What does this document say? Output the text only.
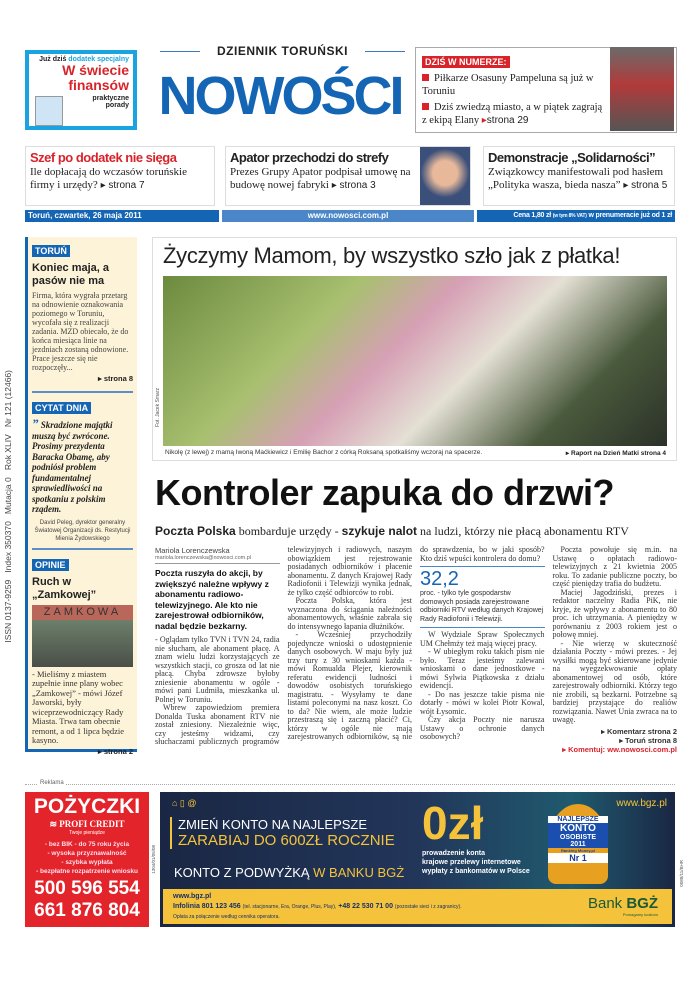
Już dziś dodatek specjalny
W świecie
finansów
praktyczne
porady
DZIENNIK TORUŃSKI
NOWOŚCI
DZIŚ W NUMERZE:
Piłkarze Osasuny Pampeluna są już w Toruniu
Dziś zwiedzą miasto, a w piątek zagrają z ekipą Elany ▸strona 29
Szef po dodatek nie sięga
Ile dopłacają do wczasów toruńskie firmy i urzędy? ▸ strona 7
Apator przechodzi do strefy
Prezes Grupy Apator podpisał umowę na budowę nowej fabryki ▸ strona 3
Demonstracje „Solidarności”
Związkowcy manifestowali pod hasłem „Polityka wasza, bieda nasza” ▸ strona 5
Toruń, czwartek, 26 maja 2011	www.nowosci.com.pl	Cena 1,80 zł (w tym 8% VAT) w prenumeracie już od 1 zł
ISSN 0137-9259   Index 350370   Mutacja 0   Rok XLIV   Nr 121 (12466)
TORUŃ
Koniec maja, a pasów nie ma

Firma, która wygrała przetarg na odnowienie oznakowania poziomego w Toruniu, wycofała się z realizacji zadania. MZD obiecało, że do końca miesiąca linie na jezdniach zostaną odnowione. Prace jeszcze się nie rozpoczęły...

▸ strona 8
CYTAT DNIA

” Skradzione majątki muszą być zwrócone. Prosimy prezydenta Baracka Obamę, aby podniósł problem fundamentalnej sprawiedliwości na spotkaniu z polskim rządem.

David Peleg, dyrektor generalny Światowej Organizacji ds. Restytucji Mienia Żydowskiego

OPINIE
Ruch w „Zamkowej”
ZAMKOWA

- Mieliśmy z miastem zupełnie inne plany wobec „Zamkowej” - mówi Józef Jaworski, były wiceprzewodniczący Rady Miasta. Trwa tam obecnie remont, a od 1 lipca będzie kasyno.

▸ strona 2
Życzymy Mamom, by wszystko szło jak z płatka!
Fot. Jacek Smarz
Nikolę (z lewej) z mamą Iwoną Maćkiewicz i Emilię Bachor z córką Roksaną spotkaliśmy wczoraj na spacerze.	▸ Raport na Dzień Matki strona 4
Kontroler zapuka do drzwi?
Poczta Polska bombarduje urzędy - szykuje nalot na ludzi, którzy nie płacą abonamentu RTV
Mariola Lorenczewska
mariola.lorenczewska@nowosci.com.pl
Poczta ruszyła do akcji, by zwiększyć należne wpływy z abonamentu radiowo-telewizyjnego. Ale kto nie zarejestrował odbiorników, nadal będzie bezkarny.

- Oglądam tylko TVN i TVN 24, radia nie słucham, ale abonament płacę. A znam wielu ludzi korzystających ze wszystkich stacji, co grosza od lat nie płacą. Chyba zdrowsze byłoby zniesienie abonamentu w ogóle - mówi pani Ludmiła, mieszkanka ul. Polnej w Toruniu.

Wbrew zapowiedziom premiera Donalda Tuska abonament RTV nie został zniesiony. Niezależnie więc, czy jesteśmy widzami, czy słuchaczami publicznych programów telewizyjnych i radiowych, naszym obowiązkiem jest rejestrowanie posiadanych odbiorników i płacenie abonamentu. Z danych Krajowej Rady Radiofonii i Telewizji wynika jednak, że tylko część odbiorców to robi.

Poczta Polska, która jest wyznaczona do ściągania należności abonamentowych, właśnie zabrała się do intensywnego łapania dłużników.

- Wcześniej przychodziły pojedyncze wnioski o udostępnienie danych osobowych. W maju były już trzy tury z 30 wnioskami każda - mówi Romualda Plejer, kierownik referatu ewidencji ludności i dowodów osobistych toruńskiego magistratu. - Wysyłamy te dane listami poleconymi na nasz koszt. Co to da? Nie wiem, ale może ludzie przestraszą się i zaczną płacić? Ci, którzy w ogóle nie mają zarejestrowanych odbiorników, są nie do sprawdzenia, bo w jaki sposób? Kto dziś wpuści kontrolera do domu?

32,2
proc. - tylko tyle gospodarstw domowych posiada zarejestrowane odbiorniki RTV według danych Krajowej Rady Radiofonii i Telewizji.

W Wydziale Spraw Społecznych UM Chełmży też mają więcej pracy.

- W ubiegłym roku takich pism nie było. Teraz jesteśmy zalewani wnioskami o dane jednostkowe - mówi Sylwia Piątkowska z działu ewidencji.

- Do nas jeszcze takie pisma nie dotarły - mówi w kolei Piotr Kowal, wójt Łysomic.

Czy akcja Poczty nie narusza Ustawy o ochronie danych osobowych?

Poczta powołuje się m.in. na Ustawę o opłatach radiowo-telewizyjnych z 21 kwietnia 2005 roku. To zadanie publiczne poczty, bo część pieniędzy trafia do budżetu.

Maciej Jagodziński, prezes i redaktor naczelny Radia PiK, nie kryje, że wpływy z abonamentu to 80 proc. ich utrzymania. A pieniędzy w porównaniu z 2003 rokiem jest o połowę mniej.

- Nie wierzę w skuteczność działania Poczty - mówi prezes. - Jej wysiłki mogą być skierowane jedynie na wyegzekwowanie opłaty abonamentowej od osób, które zarejestrowały odbiorniki. Którzy tego nie zrobili, są bezkarni. Potrzebne są bardziej przystające do realiów rozwiązania. Nawet Unia zwraca na to uwagę.

▸ Komentarz strona 2
▸ Toruń strona 8
▸ Komentuj: ww.nowosci.com.pl
Reklama
POŻYCZKI
≋ PROFI CREDIT
Twoje pieniądze
- bez BIK - do 75 roku życia
- wysoka przyznawalność
- szybka wypłata
- bezpłatne rozpatrzenie wniosku
500 596 554
661 876 804
1304/01/05/08
⌂ ▯ @
ZMIEŃ KONTO NA NAJLEPSZE
ZARABIAJ DO 600ZŁ ROCZNIE
KONTO Z PODWYŻKĄ W BANKU BGŻ
0zł
prowadzenie konta
krajowe przelewy internetowe
wypłaty z bankomatów w Polsce
NAJLEPSZE
KONTO
OSOBISTE
2011
Ranking Money.pl
Nr 1
www.bgz.pl
www.bgz.pl
Infolinia 801 123 456 (tel. stacjonarne, Era, Orange, Plus, Play), +48 22 530 71 00 (pozostałe sieci i z zagranicy).
Opłata za połączenie według cennika operatora.
Bank BGŻ
Pomagamy ludziom
0088/11/BHR
